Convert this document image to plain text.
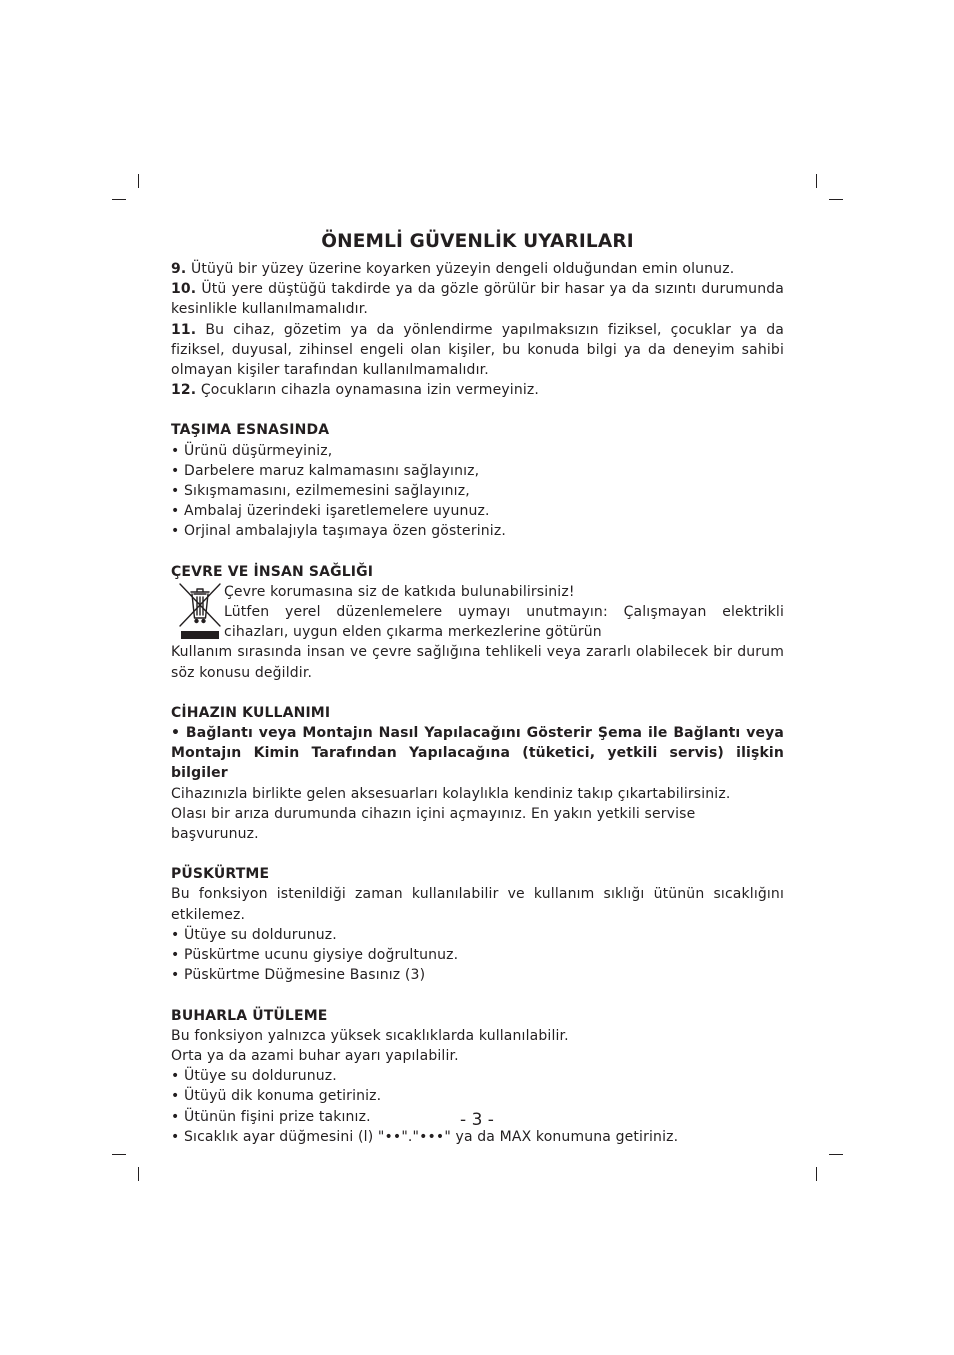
ÖNEMLİ GÜVENLİK UYARILARI

9. Ütüyü bir yüzey üzerine koyarken yüzeyin dengeli olduğundan emin olunuz.

10. Ütü yere düştüğü takdirde ya da gözle görülür bir hasar ya da sızıntı durumunda kesinlikle kullanılmamalıdır.

11. Bu cihaz, gözetim ya da yönlendirme yapılmaksızın fiziksel, çocuklar ya da fiziksel, duyusal, zihinsel engeli olan kişiler, bu konuda bilgi ya da deneyim sahibi olmayan kişiler tarafından kullanılmamalıdır.

12. Çocukların cihazla oynamasına izin vermeyiniz.

TAŞIMA ESNASINDA

• Ürünü düşürmeyiniz,

• Darbelere maruz kalmamasını sağlayınız,

• Sıkışmamasını, ezilmemesini sağlayınız,

• Ambalaj üzerindeki işaretlemelere uyunuz.

• Orjinal ambalajıyla taşımaya özen gösteriniz.

ÇEVRE VE İNSAN SAĞLIĞI

Çevre korumasına siz de katkıda bulunabilirsiniz!

Lütfen yerel düzenlemelere uymayı unutmayın: Çalışmayan elektrikli cihazları, uygun elden çıkarma merkezlerine götürün

Kullanım sırasında insan ve çevre sağlığına tehlikeli veya zararlı olabilecek bir durum söz konusu değildir.

CİHAZIN KULLANIMI

• Bağlantı veya Montajın Nasıl Yapılacağını Gösterir Şema ile Bağlantı veya Montajın Kimin Tarafından Yapılacağına (tüketici, yetkili servis) ilişkin bilgiler

Cihazınızla birlikte gelen aksesuarları kolaylıkla kendiniz takıp çıkartabilirsiniz.

Olası bir arıza durumunda cihazın içini açmayınız. En yakın yetkili servise başvurunuz.

PÜSKÜRTME

Bu fonksiyon istenildiği zaman kullanılabilir ve kullanım sıklığı ütünün sıcaklığını etkilemez.

• Ütüye su doldurunuz.

• Püskürtme ucunu giysiye doğrultunuz.

• Püskürtme Düğmesine Basınız (3)

BUHARLA ÜTÜLEME

Bu fonksiyon yalnızca yüksek sıcaklıklarda kullanılabilir.

Orta ya da azami buhar ayarı yapılabilir.

• Ütüye su doldurunuz.

• Ütüyü dik konuma getiriniz.

• Ütünün fişini prize takınız.

• Sıcaklık ayar düğmesini (l) "••"."•••" ya da MAX konumuna getiriniz.

- 3 -
